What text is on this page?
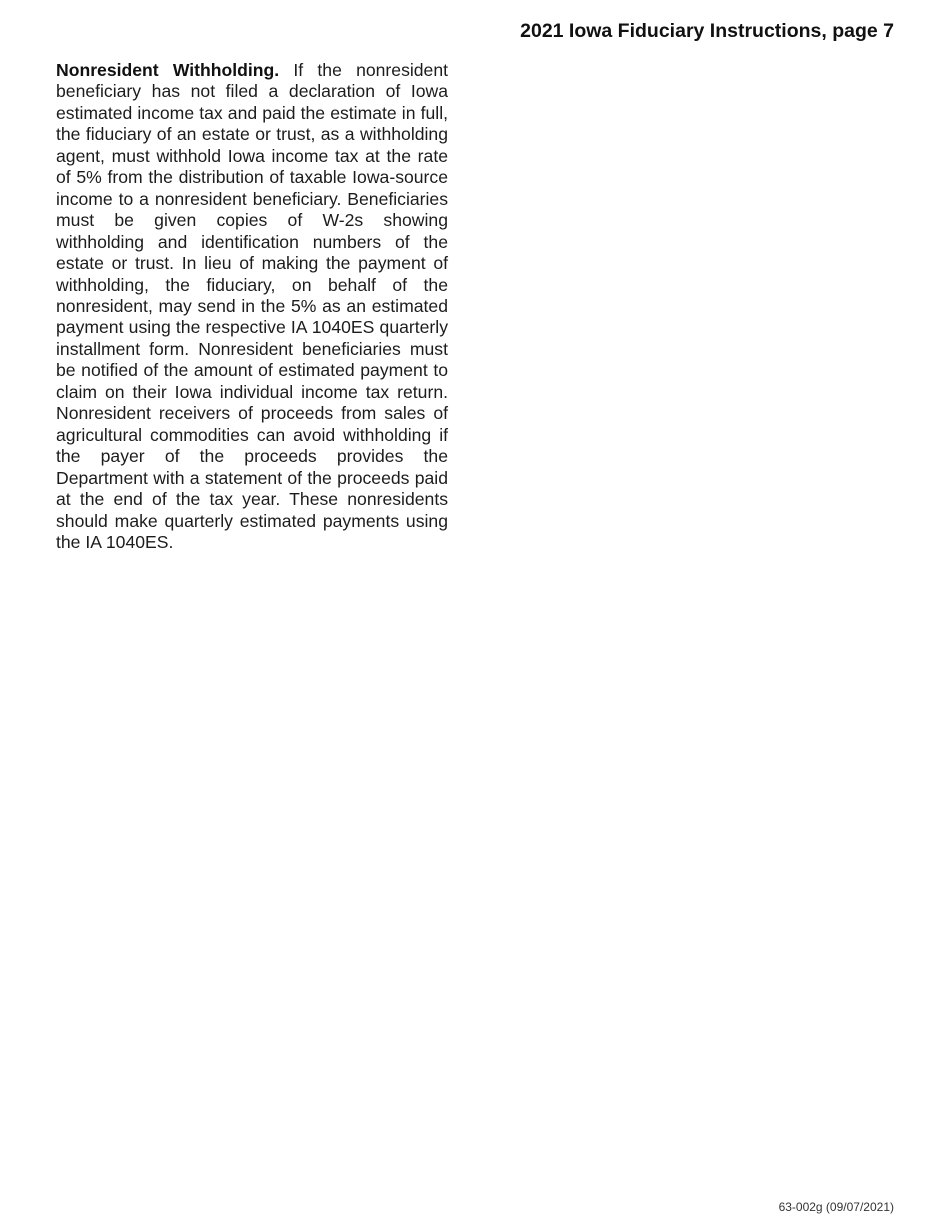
2021 Iowa Fiduciary Instructions, page 7

Nonresident Withholding. If the nonresident beneficiary has not filed a declaration of Iowa estimated income tax and paid the estimate in full, the fiduciary of an estate or trust, as a withholding agent, must withhold Iowa income tax at the rate of 5% from the distribution of taxable Iowa-source income to a nonresident beneficiary. Beneficiaries must be given copies of W-2s showing withholding and identification numbers of the estate or trust. In lieu of making the payment of withholding, the fiduciary, on behalf of the nonresident, may send in the 5% as an estimated payment using the respective IA 1040ES quarterly installment form. Nonresident beneficiaries must be notified of the amount of estimated payment to claim on their Iowa individual income tax return. Nonresident receivers of proceeds from sales of agricultural commodities can avoid withholding if the payer of the proceeds provides the Department with a statement of the proceeds paid at the end of the tax year. These nonresidents should make quarterly estimated payments using the IA 1040ES.

63-002g (09/07/2021)
